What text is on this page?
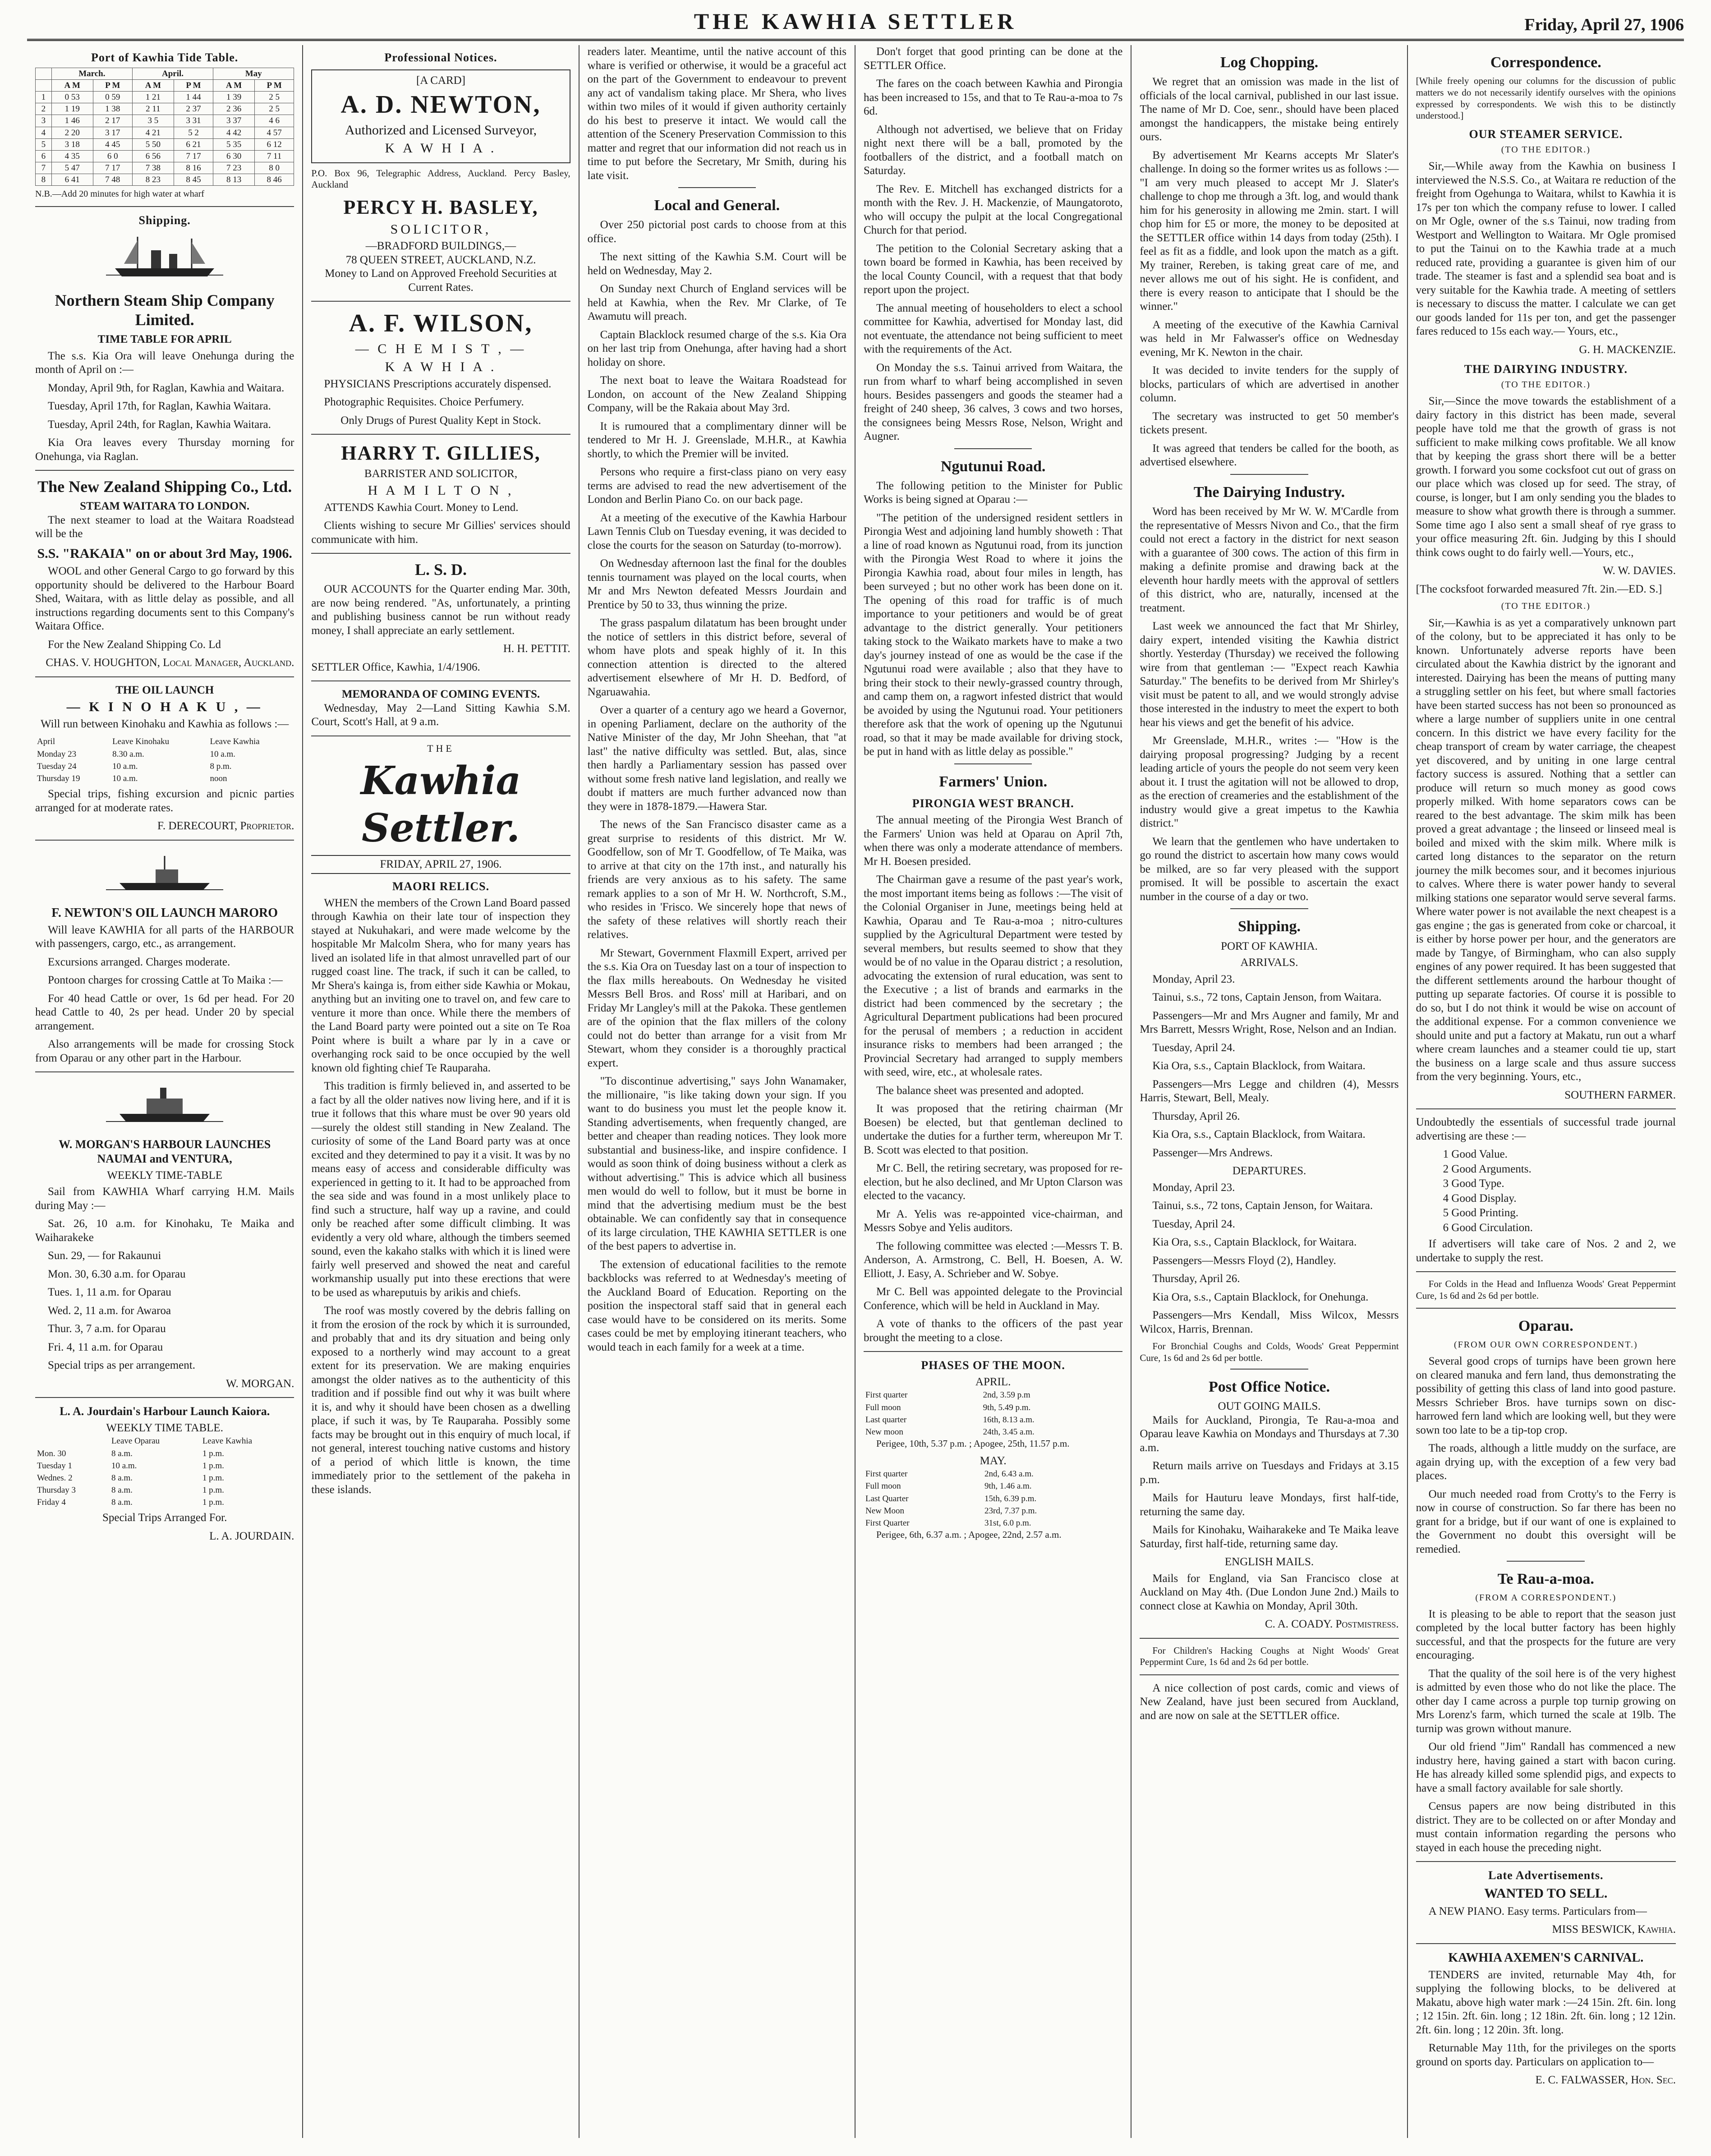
THE KAWHIA SETTLER	Friday, April 27, 1906
Port of Kawhia Tide Table.
	March.		April.		May	
	A M	P M	A M	P M	A M	P M
1	0 53	0 59	1 21	1 44	1 39	2 5
2	1 19	1 38	2 11	2 37	2 36	2 5
3	1 46	2 17	3 5	3 31	3 37	4 6
4	2 20	3 17	4 21	5 2	4 42	4 57
5	3 18	4 45	5 50	6 21	5 35	6 12
6	4 35	6 0	6 56	7 17	6 30	7 11
7	5 47	7 17	7 38	8 16	7 23	8 0
8	6 41	7 48	8 23	8 45	8 13	8 46

N.B.—Add 20 minutes for high water at wharf

Shipping.
Northern Steam Ship Company Limited.
TIME TABLE FOR APRIL

The s.s. Kia Ora will leave Onehunga during the month of April on :—

Monday, April 9th, for Raglan, Kawhia and Waitara.

Tuesday, April 17th, for Raglan, Kawhia Waitara.

Tuesday, April 24th, for Raglan, Kawhia Waitara.

Kia Ora leaves every Thursday morning for Onehunga, via Raglan.

The New Zealand Shipping Co., Ltd.
STEAM WAITARA TO LONDON.

The next steamer to load at the Waitara Roadstead will be the

S.S. "RAKAIA" on or about 3rd May, 1906.

WOOL and other General Cargo to go forward by this opportunity should be delivered to the Harbour Board Shed, Waitara, with as little delay as possible, and all instructions regarding documents sent to this Company's Waitara Office.

For the New Zealand Shipping Co. Ld

CHAS. V. HOUGHTON, Local Manager, Auckland.
THE OIL LAUNCH
— K I N O H A K U , —

Will run between Kinohaku and Kawhia as follows :—

April	Leave Kinohaku	Leave Kawhia
Monday 23	8.30 a.m.	10 a.m.
Tuesday 24	10 a.m.	8 p.m.
Thursday 19	10 a.m.	noon

Special trips, fishing excursion and picnic parties arranged for at moderate rates.

F. DERECOURT, Proprietor.
F. NEWTON'S OIL LAUNCH MARORO

Will leave KAWHIA for all parts of the HARBOUR with passengers, cargo, etc., as arrangement.

Excursions arranged. Charges moderate.

Pontoon charges for crossing Cattle at To Maika :—

For 40 head Cattle or over, 1s 6d per head. For 20 head Cattle to 40, 2s per head. Under 20 by special arrangement.

Also arrangements will be made for crossing Stock from Oparau or any other part in the Harbour.

W. MORGAN'S HARBOUR LAUNCHES NAUMAI and VENTURA,
WEEKLY TIME-TABLE

Sail from KAWHIA Wharf carrying H.M. Mails during May :—

Sat. 26, 10 a.m. for Kinohaku, Te Maika and Waiharakeke

Sun. 29, — for Rakaunui

Mon. 30, 6.30 a.m. for Oparau

Tues. 1, 11 a.m. for Oparau

Wed. 2, 11 a.m. for Awaroa

Thur. 3, 7 a.m. for Oparau

Fri. 4, 11 a.m. for Oparau

Special trips as per arrangement.

W. MORGAN.
L. A. Jourdain's Harbour Launch Kaiora.
WEEKLY TIME TABLE.
	Leave Oparau	Leave Kawhia
Mon. 30	8 a.m.	1 p.m.
Tuesday 1	10 a.m.	1 p.m.
Wednes. 2	8 a.m.	1 p.m.
Thursday 3	8 a.m.	1 p.m.
Friday 4	8 a.m.	1 p.m.

Special Trips Arranged For.

L. A. JOURDAIN.
Professional Notices.
[A CARD]
A. D. NEWTON,
Authorized and Licensed Surveyor,
K A W H I A .

P.O. Box 96, Telegraphic Address, Auckland. Percy Basley, Auckland

PERCY H. BASLEY,
SOLICITOR,
—BRADFORD BUILDINGS,—
78 QUEEN STREET, AUCKLAND, N.Z.

Money to Land on Approved Freehold Securities at Current Rates.

A. F. WILSON,
— C H E M I S T , —
K A W H I A .

PHYSICIANS Prescriptions accurately dispensed.

Photographic Requisites. Choice Perfumery.

Only Drugs of Purest Quality Kept in Stock.

HARRY T. GILLIES,
BARRISTER AND SOLICITOR,
H A M I L T O N ,

ATTENDS Kawhia Court. Money to Lend.

Clients wishing to secure Mr Gillies' services should communicate with him.

L. S. D.

OUR ACCOUNTS for the Quarter ending Mar. 30th, are now being rendered. "As, unfortunately, a printing and publishing business cannot be run without ready money, I shall appreciate an early settlement.

H. H. PETTIT.

SETTLER Office, Kawhia, 1/4/1906.

MEMORANDA OF COMING EVENTS.

Wednesday, May 2—Land Sitting Kawhia S.M. Court, Scott's Hall, at 9 a.m.

THE
Kawhia Settler.
FRIDAY, APRIL 27, 1906.
MAORI RELICS.

WHEN the members of the Crown Land Board passed through Kawhia on their late tour of inspection they stayed at Nukuhakari, and were made welcome by the hospitable Mr Malcolm Shera, who for many years has lived an isolated life in that almost unravelled part of our rugged coast line. The track, if such it can be called, to Mr Shera's kainga is, from either side Kawhia or Mokau, anything but an inviting one to travel on, and few care to venture it more than once. While there the members of the Land Board party were pointed out a site on Te Roa Point where is built a whare par ly in a cave or overhanging rock said to be once occupied by the well known old fighting chief Te Rauparaha.

This tradition is firmly believed in, and asserted to be a fact by all the older natives now living here, and if it is true it follows that this whare must be over 90 years old—surely the oldest still standing in New Zealand. The curiosity of some of the Land Board party was at once excited and they determined to pay it a visit. It was by no means easy of access and considerable difficulty was experienced in getting to it. It had to be approached from the sea side and was found in a most unlikely place to find such a structure, half way up a ravine, and could only be reached after some difficult climbing. It was evidently a very old whare, although the timbers seemed sound, even the kakaho stalks with which it is lined were fairly well preserved and showed the neat and careful workmanship usually put into these erections that were to be used as whareputuis by arikis and chiefs.

The roof was mostly covered by the debris falling on it from the erosion of the rock by which it is surrounded, and probably that and its dry situation and being only exposed to a northerly wind may account to a great extent for its preservation. We are making enquiries amongst the older natives as to the authenticity of this tradition and if possible find out why it was built where it is, and why it should have been chosen as a dwelling place, if such it was, by Te Rauparaha. Possibly some facts may be brought out in this enquiry of much local, if not general, interest touching native customs and history of a period of which little is known, the time immediately prior to the settlement of the pakeha in these islands.

readers later. Meantime, until the native account of this whare is verified or otherwise, it would be a graceful act on the part of the Government to endeavour to prevent any act of vandalism taking place. Mr Shera, who lives within two miles of it would if given authority certainly do his best to preserve it intact. We would call the attention of the Scenery Preservation Commission to this matter and regret that our information did not reach us in time to put before the Secretary, Mr Smith, during his late visit.

Local and General.

Over 250 pictorial post cards to choose from at this office.

The next sitting of the Kawhia S.M. Court will be held on Wednesday, May 2.

On Sunday next Church of England services will be held at Kawhia, when the Rev. Mr Clarke, of Te Awamutu will preach.

Captain Blacklock resumed charge of the s.s. Kia Ora on her last trip from Onehunga, after having had a short holiday on shore.

The next boat to leave the Waitara Roadstead for London, on account of the New Zealand Shipping Company, will be the Rakaia about May 3rd.

It is rumoured that a complimentary dinner will be tendered to Mr H. J. Greenslade, M.H.R., at Kawhia shortly, to which the Premier will be invited.

Persons who require a first-class piano on very easy terms are advised to read the new advertisement of the London and Berlin Piano Co. on our back page.

At a meeting of the executive of the Kawhia Harbour Lawn Tennis Club on Tuesday evening, it was decided to close the courts for the season on Saturday (to-morrow).

On Wednesday afternoon last the final for the doubles tennis tournament was played on the local courts, when Mr and Mrs Newton defeated Messrs Jourdain and Prentice by 50 to 33, thus winning the prize.

The grass paspalum dilatatum has been brought under the notice of settlers in this district before, several of whom have plots and speak highly of it. In this connection attention is directed to the altered advertisement elsewhere of Mr H. D. Bedford, of Ngaruawahia.

Over a quarter of a century ago we heard a Governor, in opening Parliament, declare on the authority of the Native Minister of the day, Mr John Sheehan, that "at last" the native difficulty was settled. But, alas, since then hardly a Parliamentary session has passed over without some fresh native land legislation, and really we doubt if matters are much further advanced now than they were in 1878-1879.—Hawera Star.

The news of the San Francisco disaster came as a great surprise to residents of this district. Mr W. Goodfellow, son of Mr T. Goodfellow, of Te Maika, was to arrive at that city on the 17th inst., and naturally his friends are very anxious as to his safety. The same remark applies to a son of Mr H. W. Northcroft, S.M., who resides in 'Frisco. We sincerely hope that news of the safety of these relatives will shortly reach their relatives.

Mr Stewart, Government Flaxmill Expert, arrived per the s.s. Kia Ora on Tuesday last on a tour of inspection to the flax mills hereabouts. On Wednesday he visited Messrs Bell Bros. and Ross' mill at Haribari, and on Friday Mr Langley's mill at the Pakoka. These gentlemen are of the opinion that the flax millers of the colony could not do better than arrange for a visit from Mr Stewart, whom they consider is a thoroughly practical expert.

"To discontinue advertising," says John Wanamaker, the millionaire, "is like taking down your sign. If you want to do business you must let the people know it. Standing advertisements, when frequently changed, are better and cheaper than reading notices. They look more substantial and business-like, and inspire confidence. I would as soon think of doing business without a clerk as without advertising." This is advice which all business men would do well to follow, but it must be borne in mind that the advertising medium must be the best obtainable. We can confidently say that in consequence of its large circulation, THE KAWHIA SETTLER is one of the best papers to advertise in.

The extension of educational facilities to the remote backblocks was referred to at Wednesday's meeting of the Auckland Board of Education. Reporting on the position the inspectoral staff said that in general each case would have to be considered on its merits. Some cases could be met by employing itinerant teachers, who would teach in each family for a week at a time.

Don't forget that good printing can be done at the SETTLER Office.

The fares on the coach between Kawhia and Pirongia has been increased to 15s, and that to Te Rau-a-moa to 7s 6d.

Although not advertised, we believe that on Friday night next there will be a ball, promoted by the footballers of the district, and a football match on Saturday.

The Rev. E. Mitchell has exchanged districts for a month with the Rev. J. H. Mackenzie, of Maungatoroto, who will occupy the pulpit at the local Congregational Church for that period.

The petition to the Colonial Secretary asking that a town board be formed in Kawhia, has been received by the local County Council, with a request that that body report upon the project.

The annual meeting of householders to elect a school committee for Kawhia, advertised for Monday last, did not eventuate, the attendance not being sufficient to meet with the requirements of the Act.

On Monday the s.s. Tainui arrived from Waitara, the run from wharf to wharf being accomplished in seven hours. Besides passengers and goods the steamer had a freight of 240 sheep, 36 calves, 3 cows and two horses, the consignees being Messrs Rose, Nelson, Wright and Augner.

Ngutunui Road.

The following petition to the Minister for Public Works is being signed at Oparau :—

"The petition of the undersigned resident settlers in Pirongia West and adjoining land humbly showeth : That a line of road known as Ngutunui road, from its junction with the Pirongia West Road to where it joins the Pirongia Kawhia road, about four miles in length, has been surveyed ; but no other work has been done on it. The opening of this road for traffic is of much importance to your petitioners and would be of great advantage to the district generally. Your petitioners taking stock to the Waikato markets have to make a two day's journey instead of one as would be the case if the Ngutunui road were available ; also that they have to bring their stock to their newly-grassed country through, and camp them on, a ragwort infested district that would be avoided by using the Ngutunui road. Your petitioners therefore ask that the work of opening up the Ngutunui road, so that it may be made available for driving stock, be put in hand with as little delay as possible."

Farmers' Union.
PIRONGIA WEST BRANCH.

The annual meeting of the Pirongia West Branch of the Farmers' Union was held at Oparau on April 7th, when there was only a moderate attendance of members. Mr H. Boesen presided.

The Chairman gave a resume of the past year's work, the most important items being as follows :—The visit of the Colonial Organiser in June, meetings being held at Kawhia, Oparau and Te Rau-a-moa ; nitro-cultures supplied by the Agricultural Department were tested by several members, but results seemed to show that they would be of no value in the Oparau district ; a resolution, advocating the extension of rural education, was sent to the Executive ; a list of brands and earmarks in the district had been commenced by the secretary ; the Agricultural Department publications had been procured for the perusal of members ; a reduction in accident insurance risks to members had been arranged ; the Provincial Secretary had arranged to supply members with seed, wire, etc., at wholesale rates.

The balance sheet was presented and adopted.

It was proposed that the retiring chairman (Mr Boesen) be elected, but that gentleman declined to undertake the duties for a further term, whereupon Mr T. B. Scott was elected to that position.

Mr C. Bell, the retiring secretary, was proposed for re-election, but he also declined, and Mr Upton Clarson was elected to the vacancy.

Mr A. Yelis was re-appointed vice-chairman, and Messrs Sobye and Yelis auditors.

The following committee was elected :—Messrs T. B. Anderson, A. Armstrong, C. Bell, H. Boesen, A. W. Elliott, J. Easy, A. Schrieber and W. Sobye.

Mr C. Bell was appointed delegate to the Provincial Conference, which will be held in Auckland in May.

A vote of thanks to the officers of the past year brought the meeting to a close.

PHASES OF THE MOON.
APRIL.
First quarter	2nd, 3.59 p.m
Full moon	9th, 5.49 p.m.
Last quarter	16th, 8.13 a.m.
New moon	24th, 3.45 a.m.

Perigee, 10th, 5.37 p.m. ; Apogee, 25th, 11.57 p.m.

MAY.
First quarter	2nd, 6.43 a.m.
Full moon	9th, 1.46 a.m.
Last Quarter	15th, 6.39 p.m.
New Moon	23rd, 7.37 p.m.
First Quarter	31st, 6.0 p.m.

Perigee, 6th, 6.37 a.m. ; Apogee, 22nd, 2.57 a.m.

Log Chopping.

We regret that an omission was made in the list of officials of the local carnival, published in our last issue. The name of Mr D. Coe, senr., should have been placed amongst the handicappers, the mistake being entirely ours.

By advertisement Mr Kearns accepts Mr Slater's challenge. In doing so the former writes us as follows :— "I am very much pleased to accept Mr J. Slater's challenge to chop me through a 3ft. log, and would thank him for his generosity in allowing me 2min. start. I will chop him for £5 or more, the money to be deposited at the SETTLER office within 14 days from today (25th). I feel as fit as a fiddle, and look upon the match as a gift. My trainer, Rereben, is taking great care of me, and never allows me out of his sight. He is confident, and there is every reason to anticipate that I should be the winner."

A meeting of the executive of the Kawhia Carnival was held in Mr Falwasser's office on Wednesday evening, Mr K. Newton in the chair.

It was decided to invite tenders for the supply of blocks, particulars of which are advertised in another column.

The secretary was instructed to get 50 member's tickets present.

It was agreed that tenders be called for the booth, as advertised elsewhere.

The Dairying Industry.

Word has been received by Mr W. W. M'Cardle from the representative of Messrs Nivon and Co., that the firm could not erect a factory in the district for next season with a guarantee of 300 cows. The action of this firm in making a definite promise and drawing back at the eleventh hour hardly meets with the approval of settlers of this district, who are, naturally, incensed at the treatment.

Last week we announced the fact that Mr Shirley, dairy expert, intended visiting the Kawhia district shortly. Yesterday (Thursday) we received the following wire from that gentleman :— "Expect reach Kawhia Saturday." The benefits to be derived from Mr Shirley's visit must be patent to all, and we would strongly advise those interested in the industry to meet the expert to both hear his views and get the benefit of his advice.

Mr Greenslade, M.H.R., writes :— "How is the dairying proposal progressing? Judging by a recent leading article of yours the people do not seem very keen about it. I trust the agitation will not be allowed to drop, as the erection of creameries and the establishment of the industry would give a great impetus to the Kawhia district."

We learn that the gentlemen who have undertaken to go round the district to ascertain how many cows would be milked, are so far very pleased with the support promised. It will be possible to ascertain the exact number in the course of a day or two.

Shipping.
PORT OF KAWHIA.
ARRIVALS.

Monday, April 23.

Tainui, s.s., 72 tons, Captain Jenson, from Waitara.

Passengers—Mr and Mrs Augner and family, Mr and Mrs Barrett, Messrs Wright, Rose, Nelson and an Indian.

Tuesday, April 24.

Kia Ora, s.s., Captain Blacklock, from Waitara.

Passengers—Mrs Legge and children (4), Messrs Harris, Stewart, Bell, Mealy.

Thursday, April 26.

Kia Ora, s.s., Captain Blacklock, from Waitara.

Passenger—Mrs Andrews.

DEPARTURES.

Monday, April 23.

Tainui, s.s., 72 tons, Captain Jenson, for Waitara.

Tuesday, April 24.

Kia Ora, s.s., Captain Blacklock, for Waitara.

Passengers—Messrs Floyd (2), Handley.

Thursday, April 26.

Kia Ora, s.s., Captain Blacklock, for Onehunga.

Passengers—Mrs Kendall, Miss Wilcox, Messrs Wilcox, Harris, Brennan.

For Bronchial Coughs and Colds, Woods' Great Peppermint Cure, 1s 6d and 2s 6d per bottle.

Post Office Notice.
OUT GOING MAILS.

Mails for Auckland, Pirongia, Te Rau-a-moa and Oparau leave Kawhia on Mondays and Thursdays at 7.30 a.m.

Return mails arrive on Tuesdays and Fridays at 3.15 p.m.

Mails for Hauturu leave Mondays, first half-tide, returning the same day.

Mails for Kinohaku, Waiharakeke and Te Maika leave Saturday, first half-tide, returning same day.

ENGLISH MAILS.

Mails for England, via San Francisco close at Auckland on May 4th. (Due London June 2nd.) Mails to connect close at Kawhia on Monday, April 30th.

C. A. COADY. Postmistress.

For Children's Hacking Coughs at Night Woods' Great Peppermint Cure, 1s 6d and 2s 6d per bottle.

A nice collection of post cards, comic and views of New Zealand, have just been secured from Auckland, and are now on sale at the SETTLER office.

Correspondence.

[While freely opening our columns for the discussion of public matters we do not necessarily identify ourselves with the opinions expressed by correspondents. We wish this to be distinctly understood.]

OUR STEAMER SERVICE.
(TO THE EDITOR.)

Sir,—While away from the Kawhia on business I interviewed the N.S.S. Co., at Waitara re reduction of the freight from Ogehunga to Waitara, whilst to Kawhia it is 17s per ton which the company refuse to lower. I called on Mr Ogle, owner of the s.s Tainui, now trading from Westport and Wellington to Waitara. Mr Ogle promised to put the Tainui on to the Kawhia trade at a much reduced rate, providing a guarantee is given him of our trade. The steamer is fast and a splendid sea boat and is very suitable for the Kawhia trade. A meeting of settlers is necessary to discuss the matter. I calculate we can get our goods landed for 11s per ton, and get the passenger fares reduced to 15s each way.— Yours, etc.,

G. H. MACKENZIE.
THE DAIRYING INDUSTRY.
(TO THE EDITOR.)

Sir,—Since the move towards the establishment of a dairy factory in this district has been made, several people have told me that the growth of grass is not sufficient to make milking cows profitable. We all know that by keeping the grass short there will be a better growth. I forward you some cocksfoot cut out of grass on our place which was closed up for seed. The stray, of course, is longer, but I am only sending you the blades to measure to show what growth there is through a summer. Some time ago I also sent a small sheaf of rye grass to your office measuring 2ft. 6in. Judging by this I should think cows ought to do fairly well.—Yours, etc.,

W. W. DAVIES.

[The cocksfoot forwarded measured 7ft. 2in.—ED. S.]

(TO THE EDITOR.)

Sir,—Kawhia is as yet a comparatively unknown part of the colony, but to be appreciated it has only to be known. Unfortunately adverse reports have been circulated about the Kawhia district by the ignorant and interested. Dairying has been the means of putting many a struggling settler on his feet, but where small factories have been started success has not been so pronounced as where a large number of suppliers unite in one central concern. In this district we have every facility for the cheap transport of cream by water carriage, the cheapest yet discovered, and by uniting in one large central factory success is assured. Nothing that a settler can produce will return so much money as good cows properly milked. With home separators cows can be reared to the best advantage. The skim milk has been proved a great advantage ; the linseed or linseed meal is boiled and mixed with the skim milk. Where milk is carted long distances to the separator on the return journey the milk becomes sour, and it becomes injurious to calves. Where there is water power handy to several milking stations one separator would serve several farms. Where water power is not available the next cheapest is a gas engine ; the gas is generated from coke or charcoal, it is either by horse power per hour, and the generators are made by Tangye, of Birmingham, who can also supply engines of any power required. It has been suggested that the different settlements around the harbour thought of putting up separate factories. Of course it is possible to do so, but I do not think it would be wise on account of the additional expense. For a common convenience we should unite and put a factory at Makatu, run out a wharf where cream launches and a steamer could tie up, start the business on a large scale and thus assure success from the very beginning. Yours, etc.,

SOUTHERN FARMER.

Undoubtedly the essentials of successful trade journal advertising are these :—

1 Good Value.
2 Good Arguments.
3 Good Type.
4 Good Display.
5 Good Printing.
6 Good Circulation.

If advertisers will take care of Nos. 2 and 2, we undertake to supply the rest.

For Colds in the Head and Influenza Woods' Great Peppermint Cure, 1s 6d and 2s 6d per bottle.

Oparau.
(FROM OUR OWN CORRESPONDENT.)

Several good crops of turnips have been grown here on cleared manuka and fern land, thus demonstrating the possibility of getting this class of land into good pasture. Messrs Schrieber Bros. have turnips sown on disc-harrowed fern land which are looking well, but they were sown too late to be a tip-top crop.

The roads, although a little muddy on the surface, are again drying up, with the exception of a few very bad places.

Our much needed road from Crotty's to the Ferry is now in course of construction. So far there has been no grant for a bridge, but if our want of one is explained to the Government no doubt this oversight will be remedied.

Te Rau-a-moa.
(FROM A CORRESPONDENT.)

It is pleasing to be able to report that the season just completed by the local butter factory has been highly successful, and that the prospects for the future are very encouraging.

That the quality of the soil here is of the very highest is admitted by even those who do not like the place. The other day I came across a purple top turnip growing on Mrs Lorenz's farm, which turned the scale at 19lb. The turnip was grown without manure.

Our old friend "Jim" Randall has commenced a new industry here, having gained a start with bacon curing. He has already killed some splendid pigs, and expects to have a small factory available for sale shortly.

Census papers are now being distributed in this district. They are to be collected on or after Monday and must contain information regarding the persons who stayed in each house the preceding night.

Late Advertisements.
WANTED TO SELL.

A NEW PIANO. Easy terms. Particulars from—

MISS BESWICK, Kawhia.
KAWHIA AXEMEN'S CARNIVAL.

TENDERS are invited, returnable May 4th, for supplying the following blocks, to be delivered at Makatu, above high water mark :—24 15in. 2ft. 6in. long ; 12 15in. 2ft. 6in. long ; 12 18in. 2ft. 6in. long ; 12 12in. 2ft. 6in. long ; 12 20in. 3ft. long.

Returnable May 11th, for the privileges on the sports ground on sports day. Particulars on application to—

E. C. FALWASSER, Hon. Sec.
